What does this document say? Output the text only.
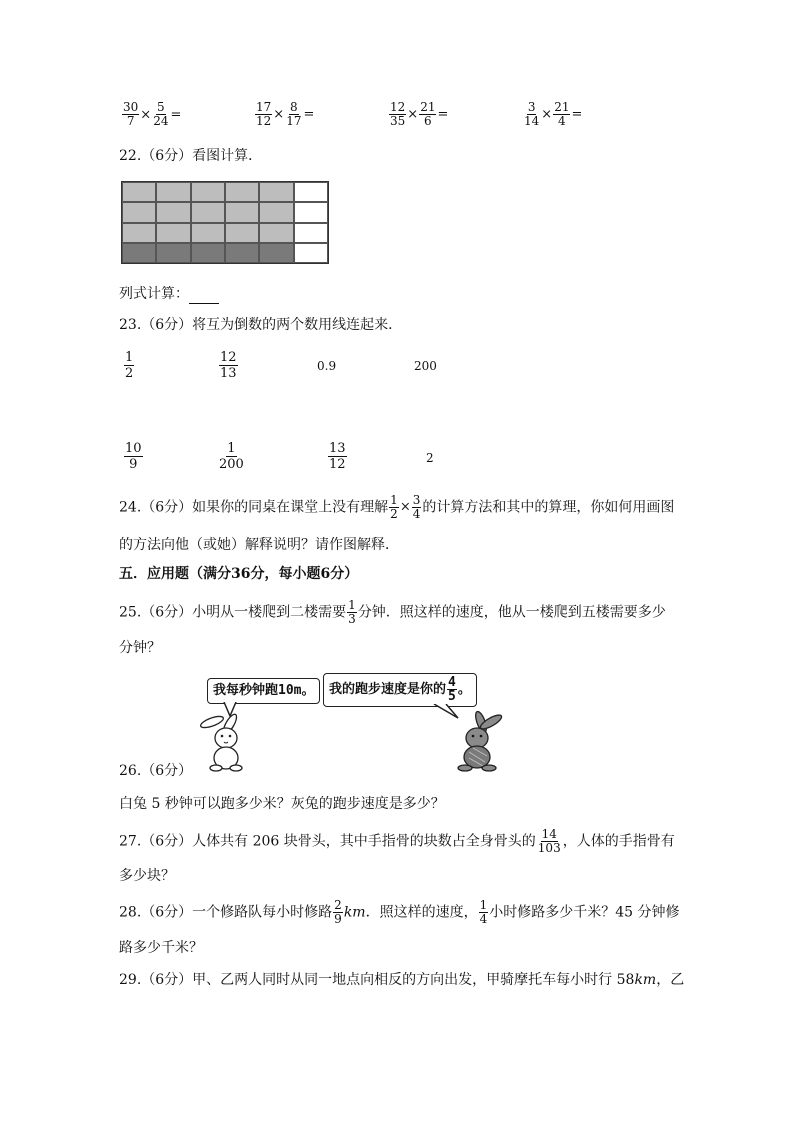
$\frac{30}{7} \times \frac{5}{24}$ =	$\frac{17}{12} \times \frac{8}{17}$ =	$\frac{12}{35} \times \frac{21}{6}$ =	$\frac{3}{14} \times \frac{21}{4}$ =
22.（6分）看图计算．
列式计算：
23.（6分）将互为倒数的两个数用线连起来．
$\frac{1}{2}$	$\frac{12}{13}$	0.9	200
$\frac{10}{9}$	$\frac{1}{200}$	$\frac{13}{12}$	2
24.（6分）如果你的同桌在课堂上没有理解 $\frac{1}{2} \times \frac{3}{4}$ 的计算方法和其中的算理，你如何用画图
的方法向他（或她）解释说明？请作图解释．
五．应用题（满分36分，每小题6分）
25.（6分）小明从一楼爬到二楼需要 $\frac{1}{3}$ 分钟．照这样的速度，他从一楼爬到五楼需要多少
分钟？
我每秒钟跑10m。	我的跑步速度是你的 $\frac{4}{5}$ 。
26.（6分）
白兔 5 秒钟可以跑多少米？灰兔的跑步速度是多少？
27.（6分）人体共有 206 块骨头，其中手指骨的块数占全身骨头的 $\frac{14}{103}$ ，人体的手指骨有
多少块？
28.（6分）一个修路队每小时修路 $\frac{2}{9}$ km．照这样的速度， $\frac{1}{4}$ 小时修路多少千米？45 分钟修
路多少千米？
29.（6分）甲、乙两人同时从同一地点向相反的方向出发，甲骑摩托车每小时行 58km，乙
